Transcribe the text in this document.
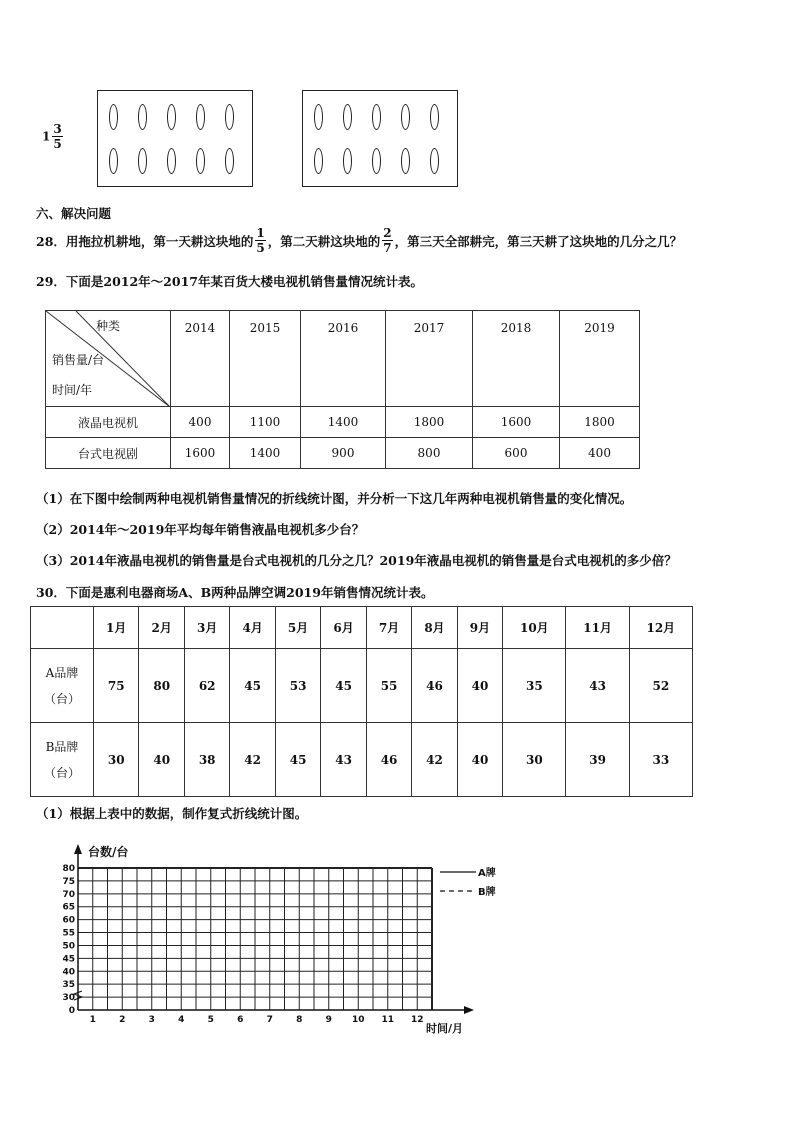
$1 \frac{3}{5}$
六、解决问题
28．用拖拉机耕地，第一天耕这块地的 $\frac{1}{5}$ ，第二天耕这块地的 $\frac{2}{7}$ ，第三天全部耕完，第三天耕了这块地的几分之几？
29．下面是2012年～2017年某百货大楼电视机销售量情况统计表。
种类
销售量/台
时间/年	2014	2015	2016	2017	2018	2019
液晶电视机	400	1100	1400	1800	1600	1800
台式电视剧	1600	1400	900	800	600	400
（1）在下图中绘制两种电视机销售量情况的折线统计图，并分析一下这几年两种电视机销售量的变化情况。
（2）2014年～2019年平均每年销售液晶电视机多少台？
（3）2014年液晶电视机的销售量是台式电视机的几分之几？2019年液晶电视机的销售量是台式电视机的多少倍？
30．下面是惠利电器商场A、B两种品牌空调2019年销售情况统计表。
	1月	2月	3月	4月	5月	6月	7月	8月	9月	10月	11月	12月

A品牌
（台）	75	80	62	45	53	45	55	46	40	35	43	52

B品牌
（台）	30	40	38	42	45	43	46	42	40	30	39	33
（1）根据上表中的数据，制作复式折线统计图。
0
30
35
40
45
50
55
60
65
70
75
80
1	2	3	4	5	6	7	8	9 10 11 12
台数/台
时间/月
A牌
B牌
